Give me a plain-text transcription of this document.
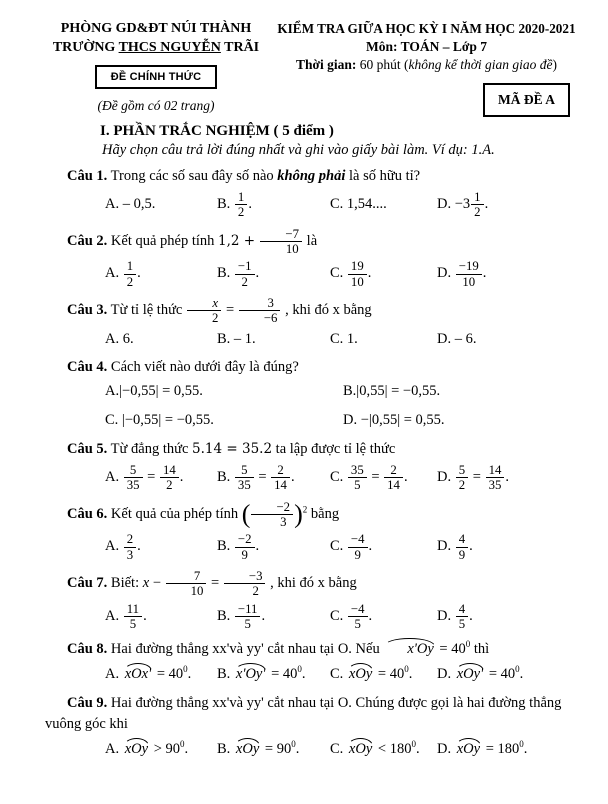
PHÒNG GD&ĐT NÚI THÀNH
TRƯỜNG THCS NGUYỄN TRÃI
ĐỀ CHÍNH THỨC
(Đề gồm có 02 trang)
KIỂM TRA GIỮA HỌC KỲ I NĂM HỌC 2020-2021
Môn: TOÁN – Lớp 7
Thời gian: 60 phút (không kể thời gian giao đề)
MÃ ĐỀ A
I. PHẦN TRẮC NGHIỆM ( 5 điểm )
Hãy chọn câu trả lời đúng nhất và ghi vào giấy bài làm. Ví dụ: 1.A.
Câu 1. Trong các số sau đây số nào không phải là số hữu tỉ?
A. – 0,5.	B. $\frac{1}{2}$ .	C. 1,54....	D. $-3 \frac{1}{2}$ .
Câu 2. Kết quả phép tính $1,2 + \frac{-7}{10}$ là
A. $\frac{1}{2}$ .	B. $\frac{-1}{2}$ .	C. $\frac{19}{10}$ .	D. $\frac{-19}{10}$ .
Câu 3. Từ tỉ lệ thức $\frac{x}{2} = \frac{3}{-6}$ , khi đó x bằng
A. 6.	B. – 1.	C. 1.	D. – 6.
Câu 4. Cách viết nào dưới đây là đúng?
A.|−0,55| = 0,55.	B.|0,55| = −0,55.
C. |−0,55| = −0,55.	D. −|0,55| = 0,55.
Câu 5. Từ đẳng thức 5.14 = 35.2 ta lập được tỉ lệ thức
A. $\frac{5}{35} = \frac{14}{2}$ .	B. $\frac{5}{35} = \frac{2}{14}$ .	C. $\frac{35}{5} = \frac{2}{14}$ .	D. $\frac{5}{2} = \frac{14}{35}$ .
Câu 6. Kết quả của phép tính ( $\frac{-2}{3} )^2$ bằng
A. $\frac{2}{3}$ .	B. $\frac{-2}{9}$ .	C. $\frac{-4}{9}$ .	D. $\frac{4}{9}$ .
Câu 7. Biết: $x - \frac{7}{10} = \frac{-3}{2}$ , khi đó x bằng
A. $\frac{11}{5}$ .	B. $\frac{-11}{5}$ .	C. $\frac{-4}{5}$ .	D. $\frac{4}{5}$ .
Câu 8. Hai đường thẳng xx'và yy' cắt nhau tại O. Nếu $x'Oy = 40^0$ thì
A. $xOx' = 40^0$.	B. $x'Oy' = 40^0$.	C. xOy = $40^0$.	D. $xOy' = 40^0$.
Câu 9. Hai đường thẳng xx'và yy' cắt nhau tại O. Chúng được gọi là hai đường thẳng vuông góc khi
A. xOy > $90^0$.	B. xOy = $90^0$.	C. xOy < $180^0$.	D. xOy = $180^0$.
